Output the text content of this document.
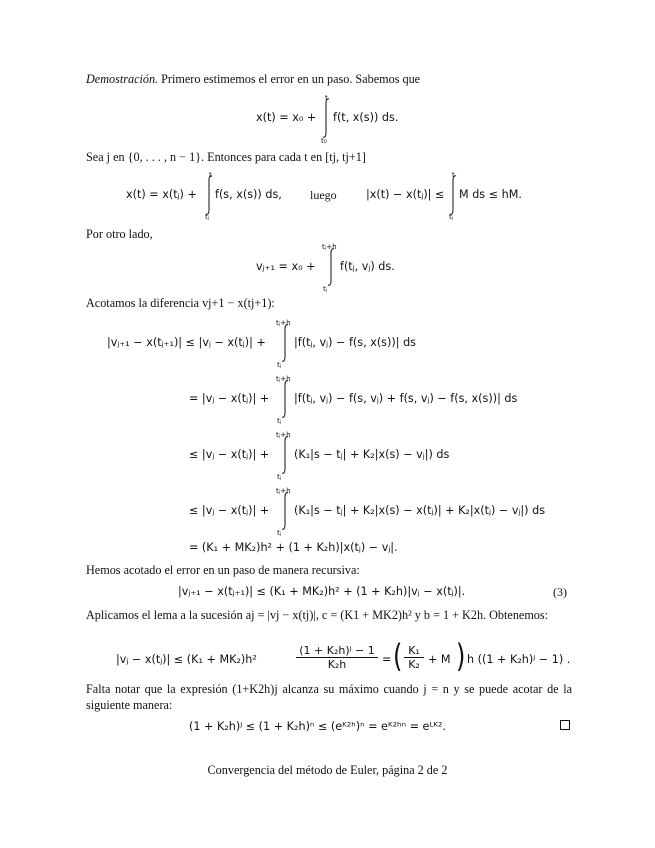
Demostración. Primero estimemos el error en un paso. Sabemos que
x(t) = x₀ +
t
t₀
f(t, x(s)) ds.
Sea j en {0, . . . , n − 1}. Entonces para cada t en [tj, tj+1]
x(t) = x(tⱼ) +
t
tⱼ
f(s, x(s)) ds, luego	|x(t) − x(tⱼ)| ≤
t
tⱼ
M ds ≤ hM.
Por otro lado,
vⱼ₊₁ = x₀ +
tⱼ+h
tⱼ
f(tⱼ, vⱼ) ds.
Acotamos la diferencia vj+1 − x(tj+1):
|vⱼ₊₁ − x(tⱼ₊₁)| ≤ |vⱼ − x(tⱼ)| +
tⱼ+h
tⱼ
|f(tⱼ, vⱼ) − f(s, x(s))| ds
= |vⱼ − x(tⱼ)| +
tⱼ+h
tⱼ
|f(tⱼ, vⱼ) − f(s, vⱼ) + f(s, vⱼ) − f(s, x(s))| ds
≤ |vⱼ − x(tⱼ)| +
tⱼ+h
tⱼ
(K₁|s − tⱼ| + K₂|x(s) − vⱼ|) ds
≤ |vⱼ − x(tⱼ)| +
tⱼ+h
tⱼ
(K₁|s − tⱼ| + K₂|x(s) − x(tⱼ)| + K₂|x(tⱼ) − vⱼ|) ds
= (K₁ + MK₂)h² + (1 + K₂h)|x(tⱼ) − vⱼ|.
Hemos acotado el error en un paso de manera recursiva:
|vⱼ₊₁ − x(tⱼ₊₁)| ≤ (K₁ + MK₂)h² + (1 + K₂h)|vⱼ − x(tⱼ)|.	(3)
Aplicamos el lema a la sucesión aj = |vj − x(tj)|, c = (K1 + MK2)h² y b = 1 + K2h. Obtenemos:
|vⱼ − x(tⱼ)| ≤ (K₁ + MK₂)h²	$\frac{\text{(1 + K₂h)ʲ − 1}}{\text{K₂h}}$ = ( $\frac{\text{K₁}}{\text{K₂}} + M$ ) h ((1 + K₂h)ʲ − 1) .
Falta notar que la expresión (1+K2h)j alcanza su máximo cuando j = n y se puede acotar de la siguiente manera:
(1 + K₂h)ʲ ≤ (1 + K₂h)ⁿ ≤ (eᴷ²ʰ)ⁿ = eᴷ²ʰⁿ = eᴸᴷ².
Convergencia del método de Euler, página 2 de 2
